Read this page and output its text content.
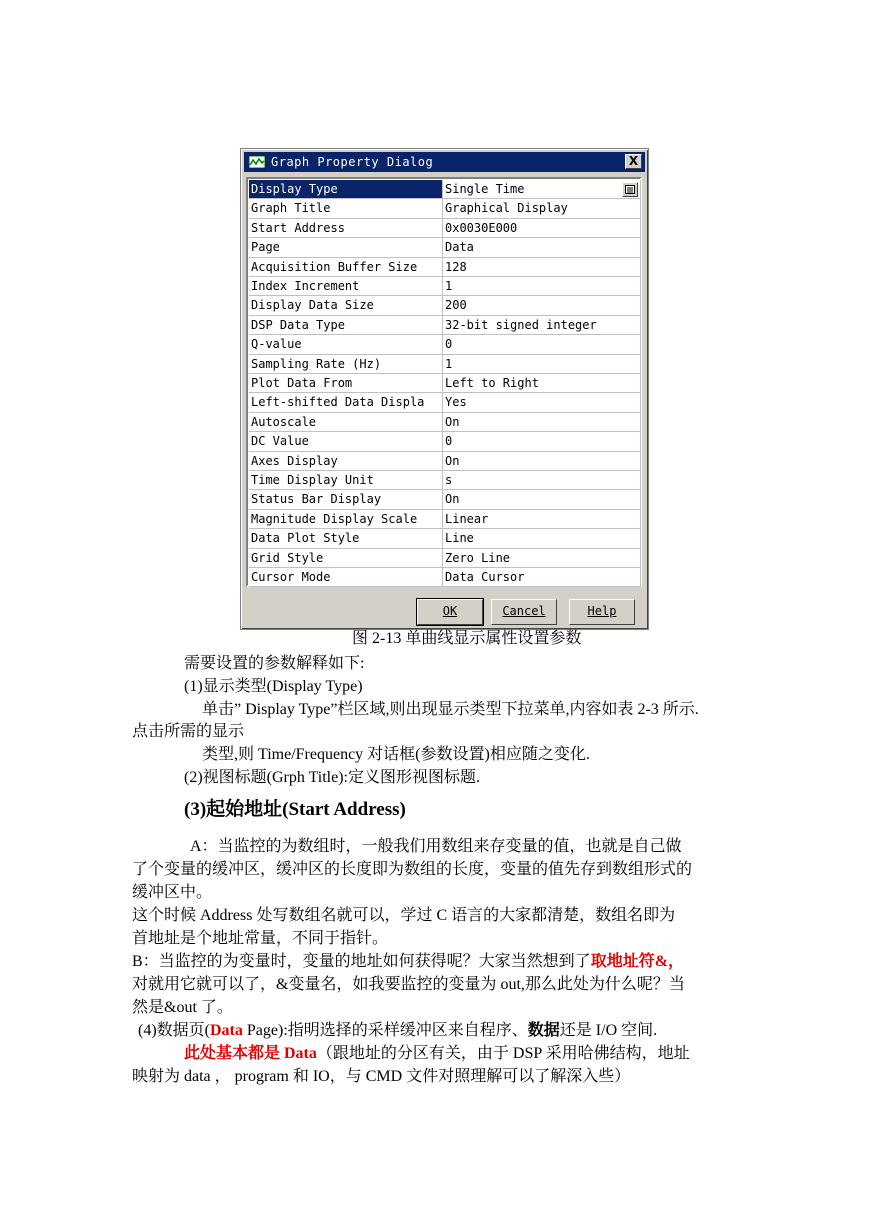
Graph Property Dialog	X
Display Type	Single Time
Graph Title	Graphical Display
Start Address	0x0030E000
Page	Data
Acquisition Buffer Size	128
Index Increment	1
Display Data Size	200
DSP Data Type	32-bit signed integer
Q-value	0
Sampling Rate (Hz)	1
Plot Data From	Left to Right
Left-shifted Data Displa	Yes
Autoscale	On
DC Value	0
Axes Display	On
Time Display Unit	s
Status Bar Display	On
Magnitude Display Scale	Linear
Data Plot Style	Line
Grid Style	Zero Line
Cursor Mode	Data Cursor
OK	Cancel	Help
图 2-13 单曲线显示属性设置参数
需要设置的参数解释如下:
(1)显示类型(Display Type)
单击” Display Type”栏区域,则出现显示类型下拉菜单,内容如表 2-3 所示.
点击所需的显示
类型,则 Time/Frequency 对话框(参数设置)相应随之变化.
(2)视图标题(Grph Title):定义图形视图标题.
(3)起始地址(Start Address)
A：当监控的为数组时，一般我们用数组来存变量的值，也就是自己做
了个变量的缓冲区，缓冲区的长度即为数组的长度，变量的值先存到数组形式的
缓冲区中。
这个时候 Address 处写数组名就可以，学过 C 语言的大家都清楚，数组名即为
首地址是个地址常量，不同于指针。
B：当监控的为变量时，变量的地址如何获得呢？大家当然想到了取地址符&，
对就用它就可以了，&变量名，如我要监控的变量为 out,那么此处为什么呢？当
然是&out 了。
(4)数据页(Data Page):指明选择的采样缓冲区来自程序、数据还是 I/O 空间.
此处基本都是 Data（跟地址的分区有关，由于 DSP 采用哈佛结构，地址
映射为 data ， program 和 IO，与 CMD 文件对照理解可以了解深入些）
